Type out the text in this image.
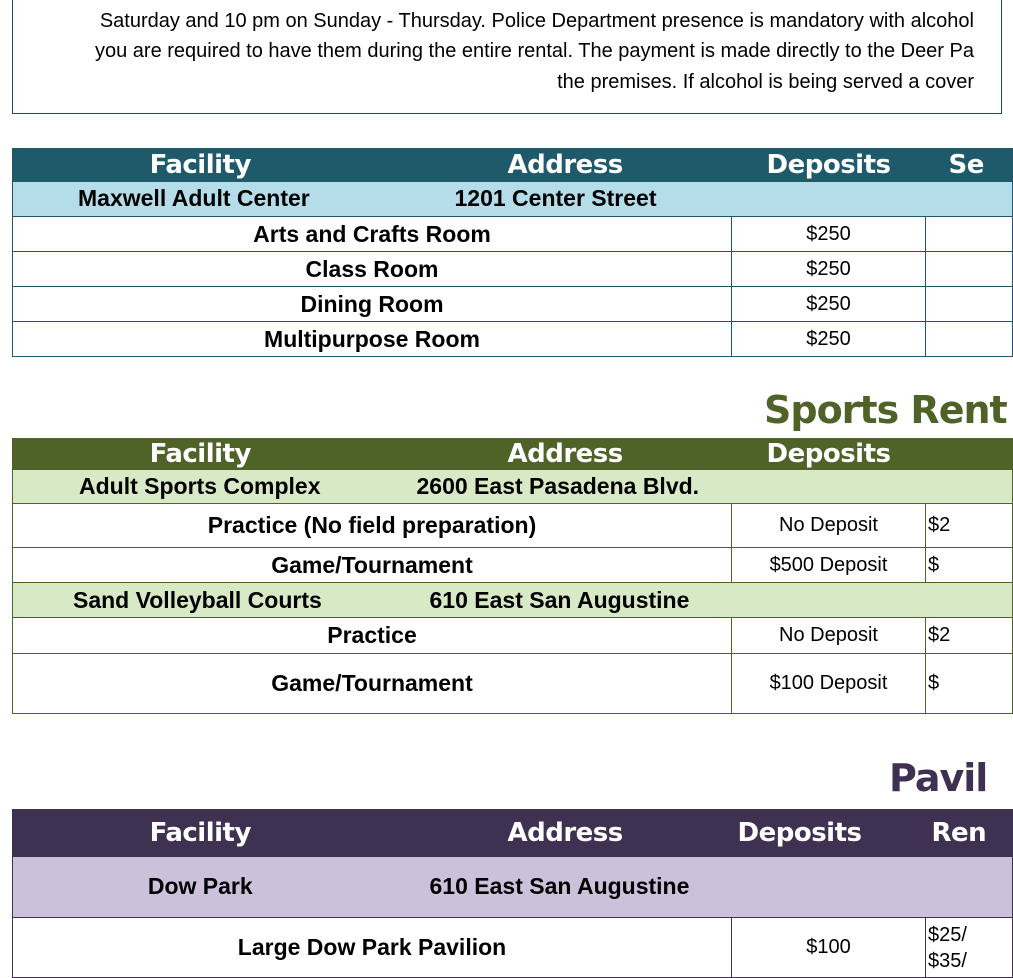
Saturday and 10 pm on Sunday - Thursday. Police Department presence is mandatory with alcohol
you are required to have them during the entire rental. The payment is made directly to the Deer Pa
the premises. If alcohol is being served a cover
Facility	Address	Deposits	Se
Maxwell Adult Center	1201 Center Street		
Arts and Crafts Room		$250	
Class Room		$250	
Dining Room		$250	
Multipurpose Room		$250	
Sports Rent
Facility	Address	Deposits	
Adult Sports Complex	2600 East Pasadena Blvd.		
Practice (No field preparation)		No Deposit	$2
Game/Tournament		$500 Deposit	$
Sand Volleyball Courts	610 East San Augustine		
Practice		No Deposit	$2
Game/Tournament		$100 Deposit	$
Pavil
Facility	Address	Deposits	Ren
Dow Park	610 East San Augustine		
Large Dow Park Pavilion		$100	$25/
$35/
